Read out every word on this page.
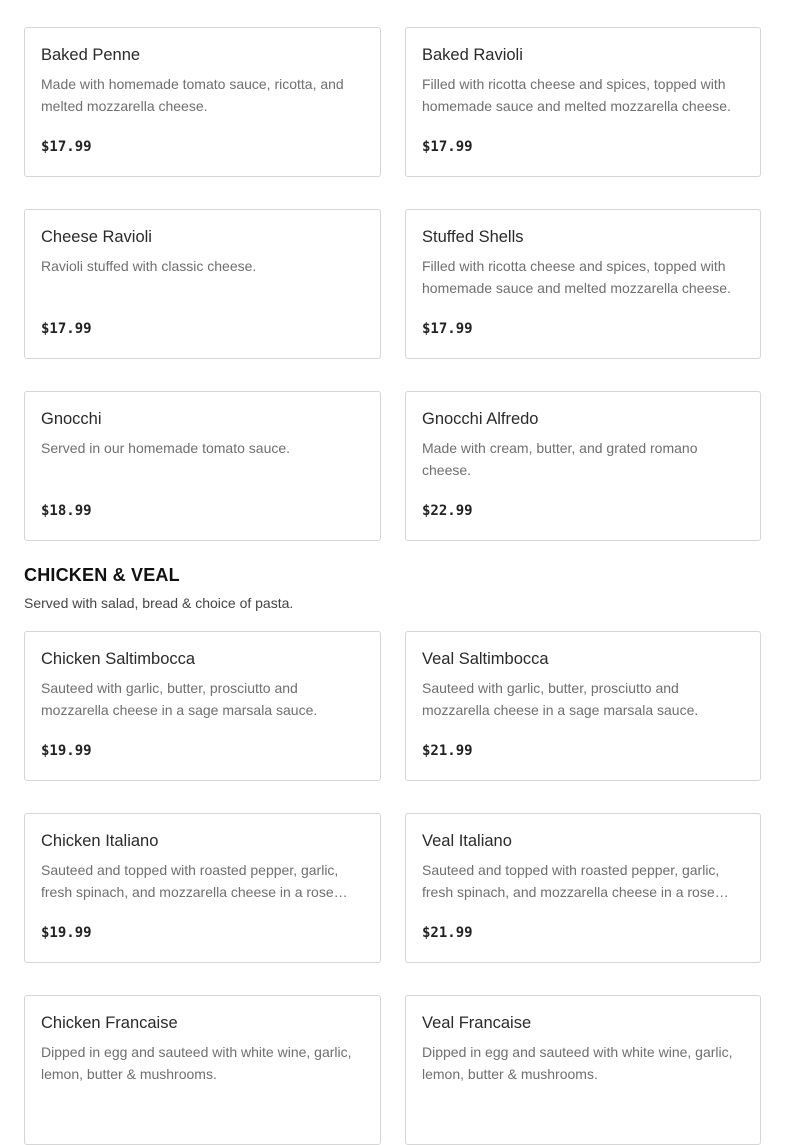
Baked Penne
Made with homemade tomato sauce, ricotta, and melted mozzarella cheese.
$17.99
Baked Ravioli
Filled with ricotta cheese and spices, topped with homemade sauce and melted mozzarella cheese.
$17.99
Cheese Ravioli
Ravioli stuffed with classic cheese.
$17.99
Stuffed Shells
Filled with ricotta cheese and spices, topped with homemade sauce and melted mozzarella cheese.
$17.99
Gnocchi
Served in our homemade tomato sauce.
$18.99
Gnocchi Alfredo
Made with cream, butter, and grated romano cheese.
$22.99
CHICKEN & VEAL

Served with salad, bread & choice of pasta.

Chicken Saltimbocca
Sauteed with garlic, butter, prosciutto and mozzarella cheese in a sage marsala sauce.
$19.99
Veal Saltimbocca
Sauteed with garlic, butter, prosciutto and mozzarella cheese in a sage marsala sauce.
$21.99
Chicken Italiano
Sauteed and topped with roasted pepper, garlic, fresh spinach, and mozzarella cheese in a rose…
$19.99
Veal Italiano
Sauteed and topped with roasted pepper, garlic, fresh spinach, and mozzarella cheese in a rose…
$21.99
Chicken Francaise
Dipped in egg and sauteed with white wine, garlic, lemon, butter & mushrooms.
Veal Francaise
Dipped in egg and sauteed with white wine, garlic, lemon, butter & mushrooms.
